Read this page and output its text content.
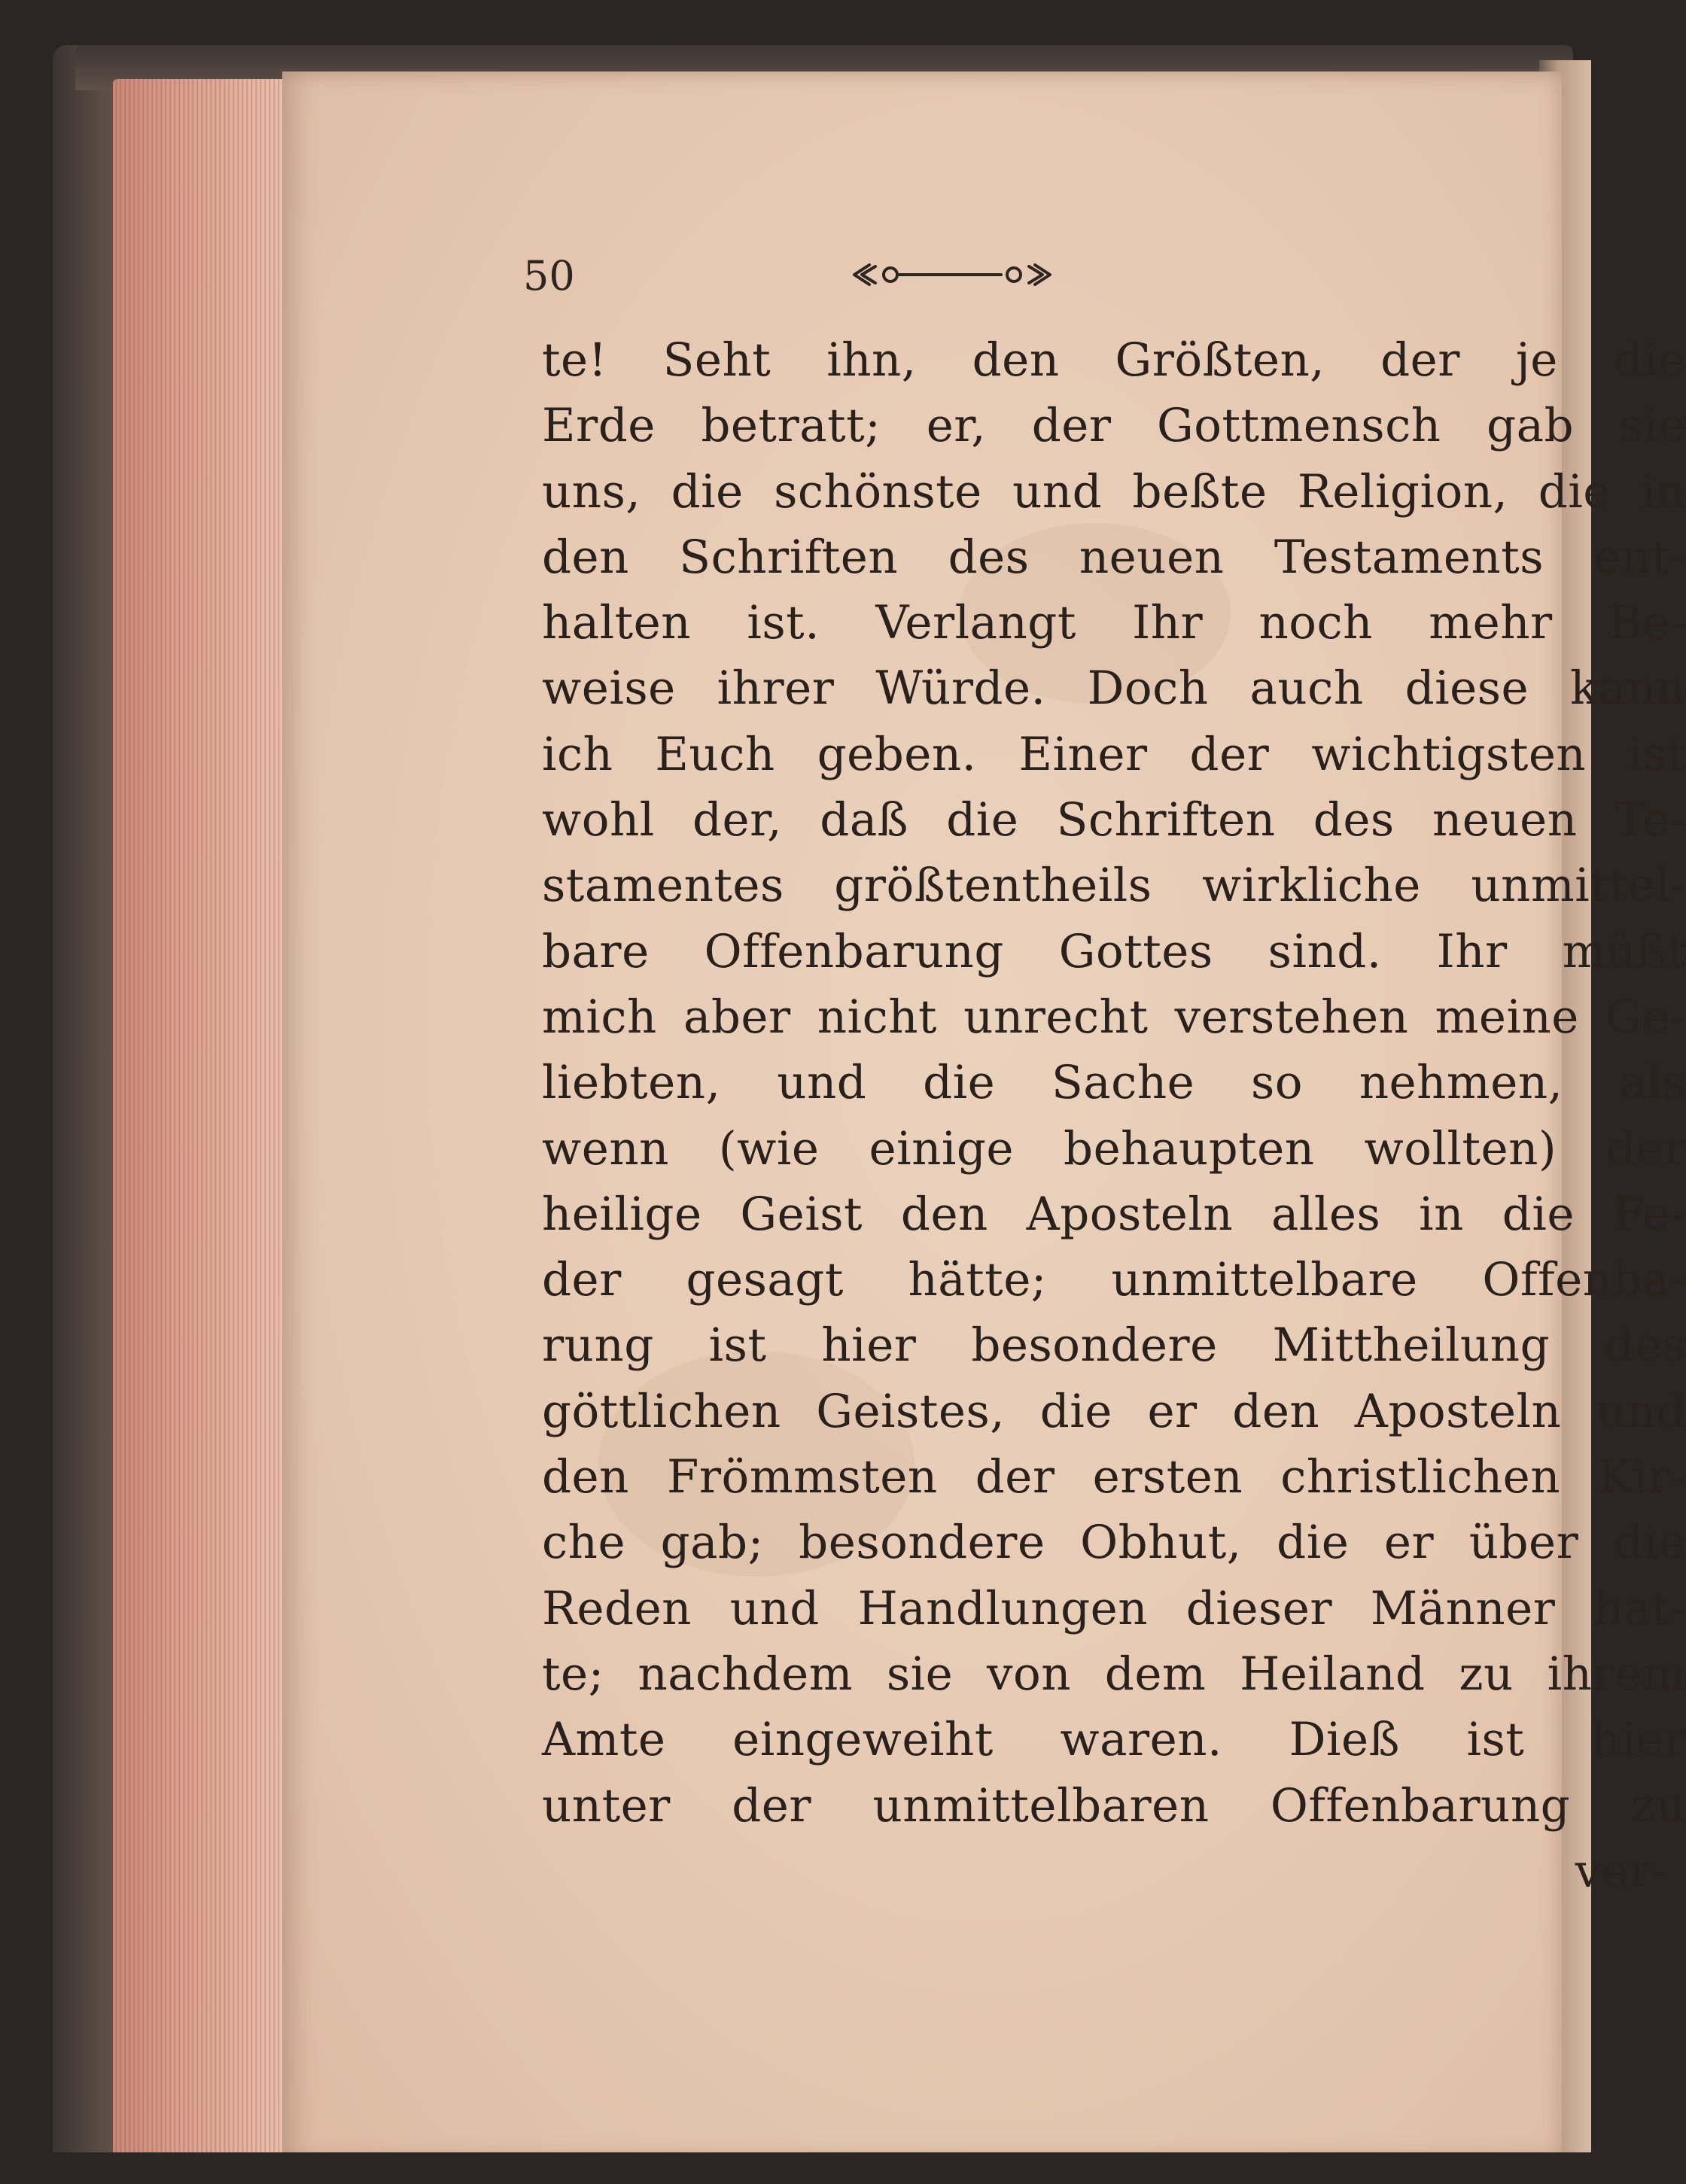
50

te! Seht ihn, den Größten, der je die
Erde betratt; er, der Gottmensch gab sie
uns, die schönste und beßte Religion, die in
den Schriften des neuen Testaments ent-
halten ist. Verlangt Ihr noch mehr Be-
weise ihrer Würde. Doch auch diese kann
ich Euch geben. Einer der wichtigsten ist
wohl der, daß die Schriften des neuen Te-
stamentes größtentheils wirkliche unmittel-
bare Offenbarung Gottes sind. Ihr müßt
mich aber nicht unrecht verstehen meine Ge-
liebten, und die Sache so nehmen, als
wenn (wie einige behaupten wollten) der
heilige Geist den Aposteln alles in die Fe-
der gesagt hätte; unmittelbare Offenba-
rung ist hier besondere Mittheilung des
göttlichen Geistes, die er den Aposteln und
den Frömmsten der ersten christlichen Kir-
che gab; besondere Obhut, die er über die
Reden und Handlungen dieser Männer hat-
te; nachdem sie von dem Heiland zu ihrem
Amte eingeweiht waren. Dieß ist hier
unter der unmittelbaren Offenbarung zu
ver-
